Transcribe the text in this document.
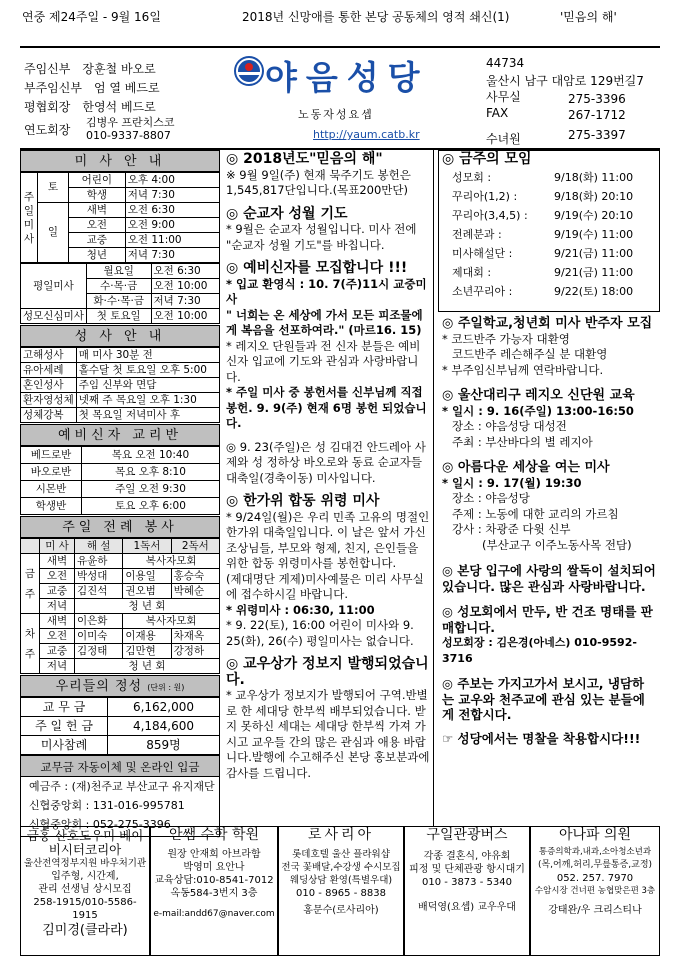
연중 제24주일 - 9월 16일	2018년 신망애를 통한 본당 공동체의 영적 쇄신(1)	'믿음의 해'
주임신부 장훈철 바오로
부주임신부 엄 열 베드로
평협회장 한영석 베드로
연도회장
김병우 프란치스코
010-9337-8807
야음성당
노동자성요셉
http://yaum.catb.kr
44734
울산시 남구 대암로 129번길7
사무실	275-3396
FAX	267-1712
수녀원	275-3397
미 사 안 내
주일미사	토	어린이	오후 4:00
		학생	저녁 7:30
	일	새벽	오전 6:30
		오전	오전 9:00
		교중	오전 11:00
		청년	저녁 7:30
평일미사	월요일	오전 6:30
	수·목·금	오전 10:00
	화·수·목·금	저녁 7:30
성모신심미사	첫 토요일	오전 10:00
성 사 안 내
고해성사	매 미사 30분 전
유아세례	홀수달 첫 토요일 오후 5:00
혼인성사	주임 신부와 면담
환자영성체	넷째 주 목요일 오후 1:30
성체강복	첫 목요일 저녁미사 후
예비신자 교리반
베드로반	목요 오전 10:40
바오로반	목요 오후 8:10
시몬반	주일 오전 9:30
학생반	토요 오후 6:00
주일 전례 봉사
	미 사	해 설	1독서	2독서
금주	새벽	유윤하	복사자모회	
	오전	박성대	이용일	홍승숙
	교중	김진석	권오범	박혜순
	저녁	청 년 회		
차주	새벽	이은화	복사자모회	
	오전	이미숙	이재용	차재옥
	교중	김정태	김만현	강정하
	저녁	청 년 회		
우리들의 정성 (단위 : 원)
교 무 금	6,162,000
주 일 헌 금	4,184,600
미사참례	859명
교무금 자동이체 및 온라인 입금
예금주 : (재)천주교 부산교구 유지재단
신협중앙회 : 131-016-995781
신협중앙회 : 052-275-3396
◎ 2018년도"믿음의 해"
※ 9월 9일(주) 현재 묵주기도 봉헌은1,545,817단입니다.(목표200만단)
◎ 순교자 성월 기도
* 9월은 순교자 성월입니다. 미사 전에 "순교자 성월 기도"를 바칩니다.
◎ 예비신자를 모집합니다 !!!
* 입교 환영식 : 10. 7(주)11시 교중미사
" 너희는 온 세상에 가서 모든 피조물에게 복음을 선포하여라." (마르16. 15)
* 레지오 단원들과 전 신자 분들은 예비신자 입교에 기도와 관심과 사랑바랍니다.
* 주일 미사 중 봉헌서를 신부님께 직접 봉헌. 9. 9(주) 현재 6명 봉헌 되었습니다.
◎ 9. 23(주일)은 성 김대건 안드레아 사제와 성 정하상 바오로와 동료 순교자들 대축일(경축이동) 미사입니다.
◎ 한가위 합동 위령 미사
* 9/24일(월)은 우리 민족 고유의 명절인 한가위 대축일입니다. 이 날은 앞서 가신 조상님들, 부모와 형제, 친지, 은인들을 위한 합동 위령미사를 봉헌합니다.
(제대명단 게제)미사예물은 미리 사무실에 접수하시길 바랍니다.
* 위령미사 : 06:30, 11:00
* 9. 22(토), 16:00 어린이 미사와 9. 25(화), 26(수) 평일미사는 없습니다.
◎ 교우상가 정보지 발행되었습니다.
* 교우상가 정보지가 발행되어 구역.반별로 한 세대당 한부씩 배부되었습니다. 받지 못하신 세대는 세대당 한부씩 가져 가시고 교우들 간의 많은 관심과 애용 바랍니다.발행에 수고해주신 본당 홍보분과에 감사를 드립니다.
◎ 금주의 모임
성모회 :	9/18(화) 11:00
꾸리아(1,2) :	9/18(화) 20:10
꾸리아(3,4,5) : 9/19(수) 20:10
전례분과 :	9/19(수) 11:00
미사해설단 :	9/21(금) 11:00
제대회 :	9/21(금) 11:00
소년꾸리아 :	9/22(토) 18:00
◎ 주일학교,청년회 미사 반주자 모집
* 코드반주 가능자 대환영
코드반주 레슨해주실 분 대환영
* 부주임신부님께 연락바랍니다.
◎ 울산대리구 레지오 신단원 교육
* 일시 : 9. 16(주일) 13:00-16:50
장소 : 야음성당 대성전
주최 : 부산바다의 별 레지아
◎ 아름다운 세상을 여는 미사
* 일시 : 9. 17(월) 19:30
장소 : 야음성당
주제 : 노동에 대한 교리의 가르침
강사 : 차광준 다윗 신부
(부산교구 이주노동사목 전담)
◎ 본당 입구에 사랑의 쌀독이 설치되어 있습니다. 많은 관심과 사랑바랍니다.
◎ 성모회에서 만두, 반 건조 명태를 판매합니다.
성모회장 : 김은경(아네스) 010-9592-3716
◎ 주보는 가지고가서 보시고, 냉담하는 교우와 천주교에 관심 있는 분들에게 전합시다.
☞ 성당에서는 명찰을 착용합시다!!!
금홍 산호도우미 베이비시터코리아
울산전역정부지원 바우처기관
입주형, 시간제,
관리 선생님 상시모집
258-1915/010-5586-1915
김미경(클라라)
안쌤 수학 학원
원장 안재희 아브라함
박영미 요안나
교육상담:010-8541-7012
옥동584-3번지 3층
e-mail:andd67@naver.com
로사리아
롯데호텔 울산 플라워샵
전국 꽃배달,수강생 수시모집
웨딩상담 환영(특별우대)
010 - 8965 - 8838
홍문수(로사리아)
구일관광버스
각종 결혼식, 야유회
피정 및 단체관광 항시대기
010 - 3873 - 5340
배덕영(요셉) 교우우대
아나파 의원
통증의학과,내과,소아청소년과
(목,어깨,허리,무릎통증,교정)
052. 257. 7970
수암시장 건너편 농협맞은편 3층
강태완/우 크리스티나
